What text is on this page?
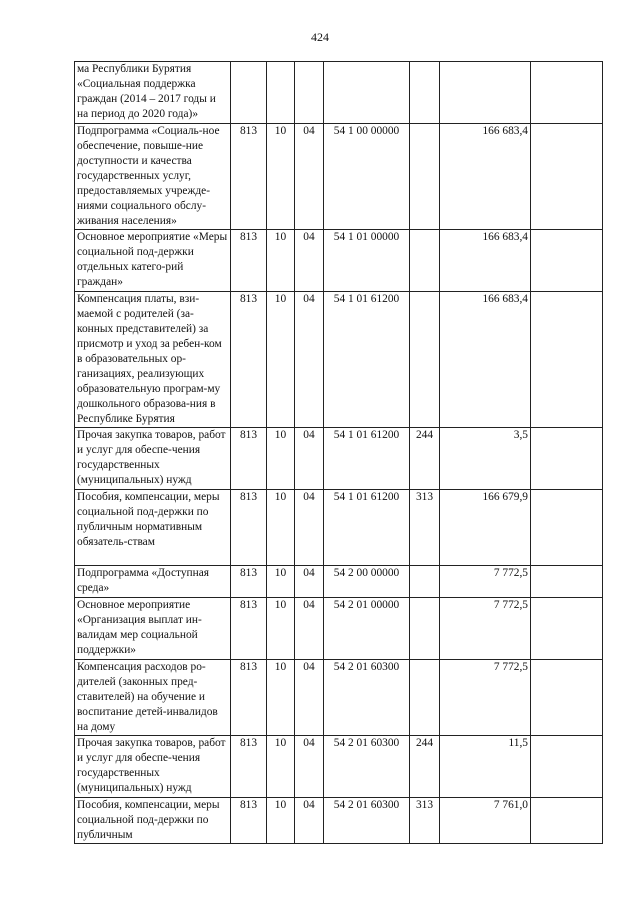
424
ма Республики Бурятия «Социальная поддержка граждан (2014 – 2017 годы и на период до 2020 года)»							
Подпрограмма «Социаль-ное обеспечение, повыше-ние доступности и качества государственных услуг, предоставляемых учрежде-ниями социального обслу-живания населения»	813	10	04	54 1 00 00000		166 683,4	
Основное мероприятие «Меры социальной под-держки отдельных катего-рий граждан»	813	10	04	54 1 01 00000		166 683,4	
Компенсация платы, взи-маемой с родителей (за-конных представителей) за присмотр и уход за ребен-ком в образовательных ор-ганизациях, реализующих образовательную програм-му дошкольного образова-ния в Республике Бурятия	813	10	04	54 1 01 61200		166 683,4	
Прочая закупка товаров, работ и услуг для обеспе-чения государственных (муниципальных) нужд	813	10	04	54 1 01 61200	244	3,5	
Пособия, компенсации, меры социальной под-держки по публичным нормативным обязатель-ствам	813	10	04	54 1 01 61200	313	166 679,9	
Подпрограмма «Доступная среда»	813	10	04	54 2 00 00000		7 772,5	
Основное мероприятие «Организация выплат ин-валидам мер социальной поддержки»	813	10	04	54 2 01 00000		7 772,5	
Компенсация расходов ро-дителей (законных пред-ставителей) на обучение и воспитание детей-инвалидов на дому	813	10	04	54 2 01 60300		7 772,5	
Прочая закупка товаров, работ и услуг для обеспе-чения государственных (муниципальных) нужд	813	10	04	54 2 01 60300	244	11,5	
Пособия, компенсации, меры социальной под-держки по публичным	813	10	04	54 2 01 60300	313	7 761,0	
